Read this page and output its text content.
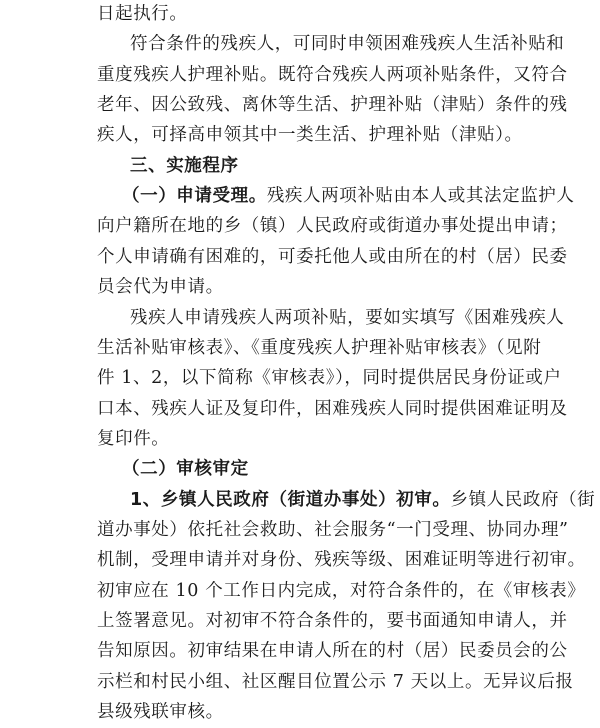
日起执行。
符合条件的残疾人，可同时申领困难残疾人生活补贴和
重度残疾人护理补贴。既符合残疾人两项补贴条件，又符合
老年、因公致残、离休等生活、护理补贴（津贴）条件的残
疾人，可择高申领其中一类生活、护理补贴（津贴）。
三、实施程序
（一）申请受理。残疾人两项补贴由本人或其法定监护人
向户籍所在地的乡（镇）人民政府或街道办事处提出申请；
个人申请确有困难的，可委托他人或由所在的村（居）民委
员会代为申请。
残疾人申请残疾人两项补贴，要如实填写《困难残疾人
生活补贴审核表》、《重度残疾人护理补贴审核表》（见附
件 1、2，以下简称《审核表》），同时提供居民身份证或户
口本、残疾人证及复印件，困难残疾人同时提供困难证明及
复印件。
（二）审核审定
1、乡镇人民政府（街道办事处）初审。乡镇人民政府（街
道办事处）依托社会救助、社会服务“一门受理、协同办理”
机制，受理申请并对身份、残疾等级、困难证明等进行初审。
初审应在 10 个工作日内完成，对符合条件的，在《审核表》
上签署意见。对初审不符合条件的，要书面通知申请人，并
告知原因。初审结果在申请人所在的村（居）民委员会的公
示栏和村民小组、社区醒目位置公示 7 天以上。无异议后报
县级残联审核。
